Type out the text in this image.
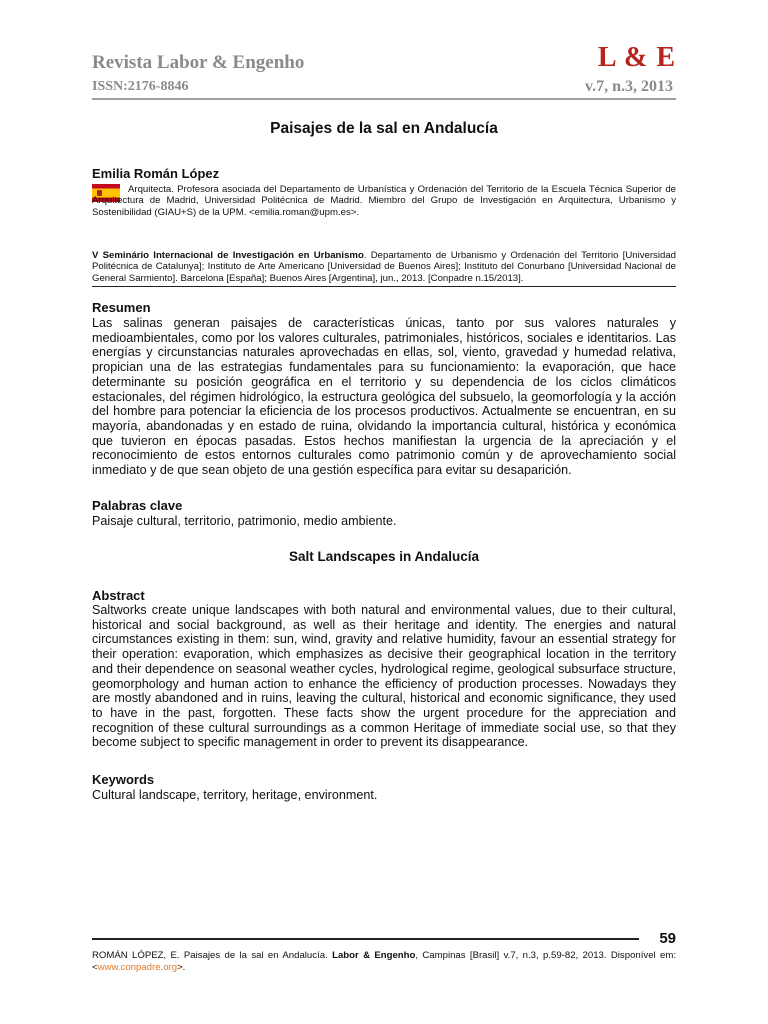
Revista Labor & Engenho
ISSN:2176-8846
L & E
v.7, n.3, 2013
Paisajes de la sal en Andalucía
Emilia Román López
Arquitecta. Profesora asociada del Departamento de Urbanística y Ordenación del Territorio de la Escuela Técnica Superior de Arquitectura de Madrid, Universidad Politécnica de Madrid. Miembro del Grupo de Investigación en Arquitectura, Urbanismo y Sostenibilidad (GIAU+S) de la UPM. <emilia.roman@upm.es>.
V Seminário Internacional de Investigación en Urbanismo. Departamento de Urbanismo y Ordenación del Territorio [Universidad Politécnica de Catalunya]; Instituto de Arte Americano [Universidad de Buenos Aires]; Instituto del Conurbano [Universidad Nacional de General Sarmiento]. Barcelona [España]; Buenos Aires [Argentina], jun., 2013. [Conpadre n.15/2013].
Resumen
Las salinas generan paisajes de características únicas, tanto por sus valores naturales y medioambientales, como por los valores culturales, patrimoniales, históricos, sociales e identitarios. Las energías y circunstancias naturales aprovechadas en ellas, sol, viento, gravedad y humedad relativa, propician una de las estrategias fundamentales para su funcionamiento: la evaporación, que hace determinante su posición geográfica en el territorio y su dependencia de los ciclos climáticos estacionales, del régimen hidrológico, la estructura geológica del subsuelo, la geomorfología y la acción del hombre para potenciar la eficiencia de los procesos productivos. Actualmente se encuentran, en su mayoría, abandonadas y en estado de ruina, olvidando la importancia cultural, histórica y económica que tuvieron en épocas pasadas. Estos hechos manifiestan la urgencia de la apreciación y el reconocimiento de estos entornos culturales como patrimonio común y de aprovechamiento social inmediato y de que sean objeto de una gestión específica para evitar su desaparición.
Palabras clave
Paisaje cultural, territorio, patrimonio, medio ambiente.
Salt Landscapes in Andalucía
Abstract
Saltworks create unique landscapes with both natural and environmental values, due to their cultural, historical and social background, as well as their heritage and identity. The energies and natural circumstances existing in them: sun, wind, gravity and relative humidity, favour an essential strategy for their operation: evaporation, which emphasizes as decisive their geographical location in the territory and their dependence on seasonal weather cycles, hydrological regime, geological subsurface structure, geomorphology and human action to enhance the efficiency of production processes. Nowadays they are mostly abandoned and in ruins, leaving the cultural, historical and economic significance, they used to have in the past, forgotten. These facts show the urgent procedure for the appreciation and recognition of these cultural surroundings as a common Heritage of immediate social use, so that they become subject to specific management in order to prevent its disappearance.
Keywords
Cultural landscape, territory, heritage, environment.
59
ROMÁN LÓPEZ, E. Paisajes de la sal en Andalucía. Labor & Engenho, Campinas [Brasil] v.7, n.3, p.59-82, 2013. Disponível em: <www.conpadre.org>.
